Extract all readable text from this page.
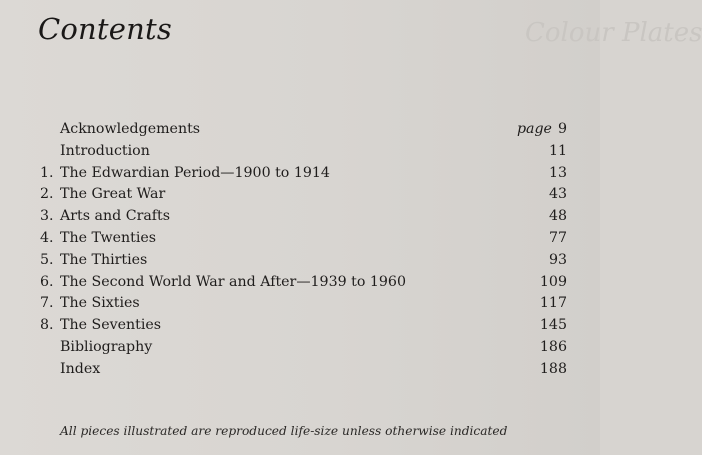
Colour Plates
Contents
Acknowledgements	page 9
Introduction	11
1. The Edwardian Period—1900 to 1914	13
2. The Great War	43
3. Arts and Crafts	48
4. The Twenties	77
5. The Thirties	93
6. The Second World War and After—1939 to 1960	109
7. The Sixties	117
8. The Seventies	145
Bibliography	186
Index	188
All pieces illustrated are reproduced life-size unless otherwise indicated
